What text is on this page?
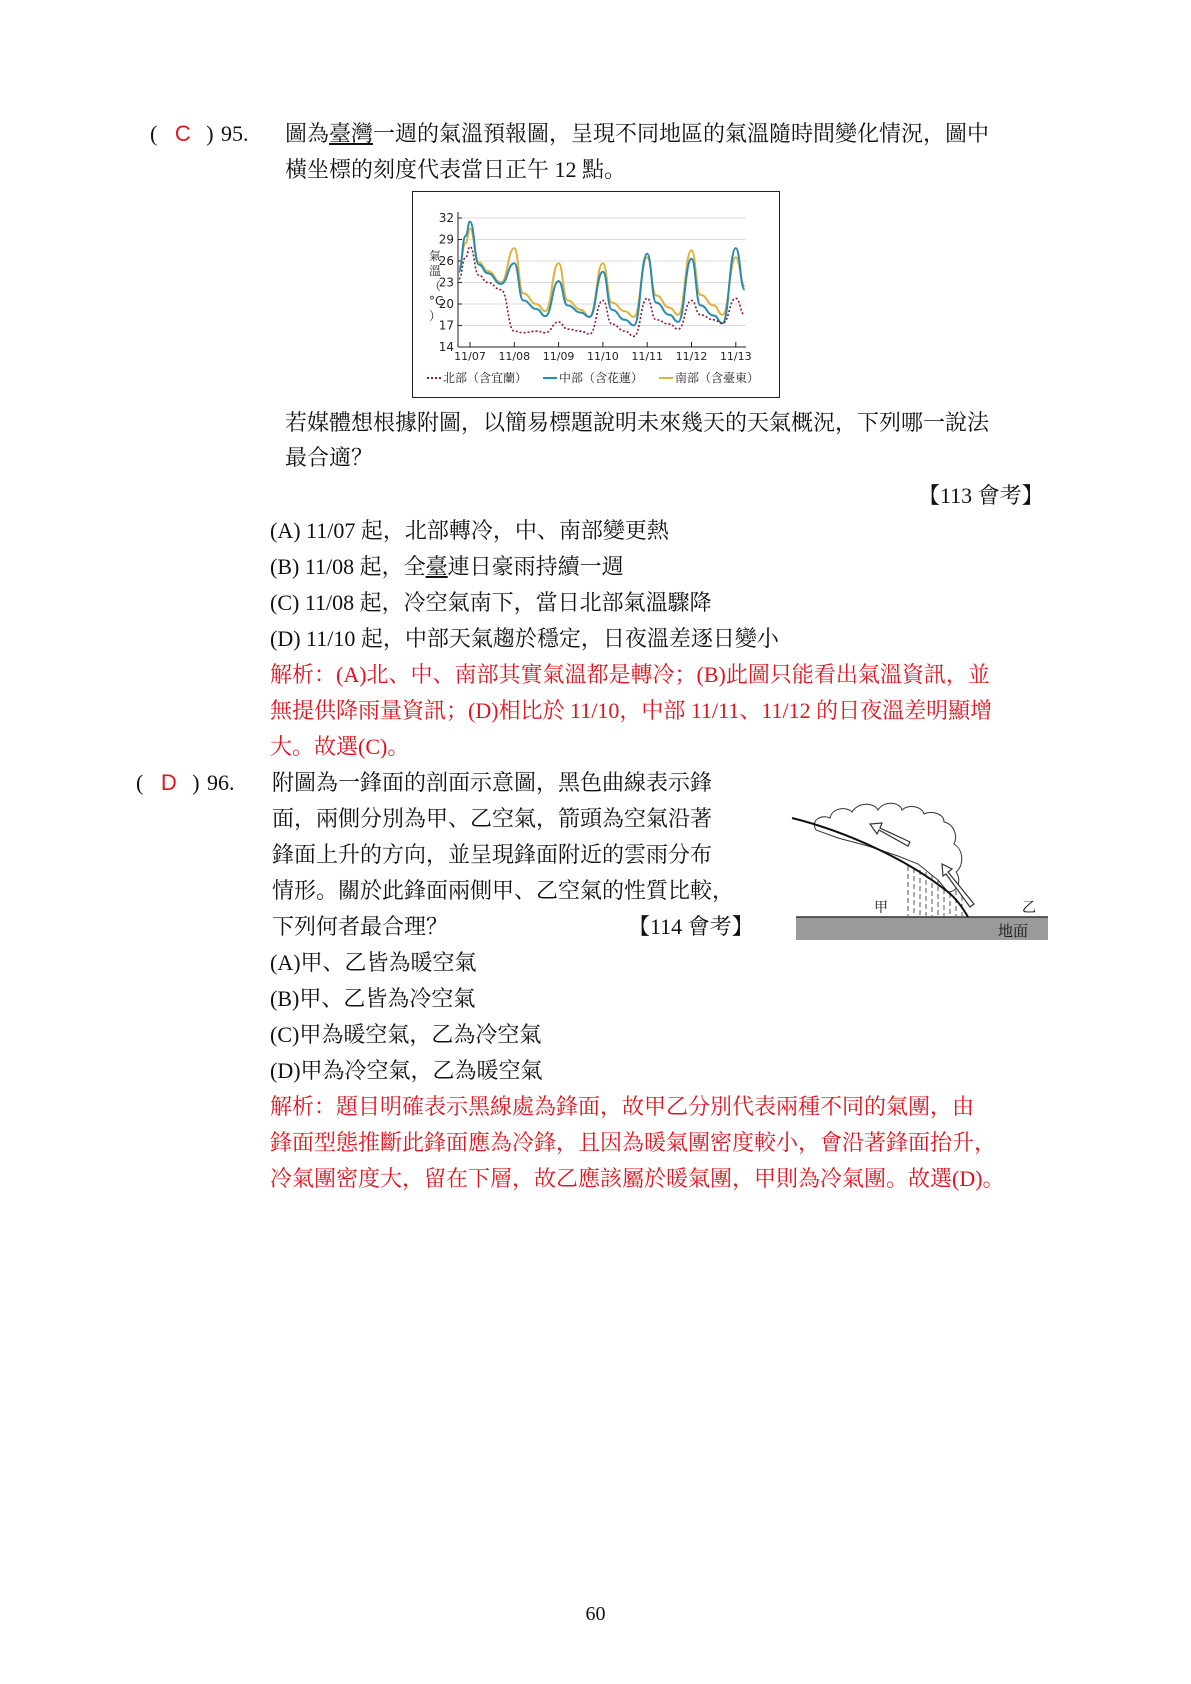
( C ) 95. 圖為臺灣一週的氣溫預報圖，呈現不同地區的氣溫隨時間變化情況，圖中
橫坐標的刻度代表當日正午 12 點。
14
17
20
23
26
29
32
11/07 11/08 11/09 11/10 11/11 11/12 11/13
氣溫（°C ）
北部（含宜蘭）	中部（含花蓮）	南部（含臺東）
若媒體想根據附圖，以簡易標題說明未來幾天的天氣概況，下列哪一說法
最合適？
【113 會考】
(A) 11/07 起，北部轉冷，中、南部變更熱
(B) 11/08 起，全臺連日豪雨持續一週
(C) 11/08 起，冷空氣南下，當日北部氣溫驟降
(D) 11/10 起，中部天氣趨於穩定，日夜溫差逐日變小
解析：(A)北、中、南部其實氣溫都是轉冷；(B)此圖只能看出氣溫資訊，並
無提供降雨量資訊；(D)相比於 11/10，中部 11/11、11/12 的日夜溫差明顯增
大。故選(C)。
( D ) 96. 附圖為一鋒面的剖面示意圖，黑色曲線表示鋒
面，兩側分別為甲、乙空氣，箭頭為空氣沿著
鋒面上升的方向，並呈現鋒面附近的雲雨分布
情形。關於此鋒面兩側甲、乙空氣的性質比較，
下列何者最合理？	【114 會考】
甲	乙
地面
(A)甲、乙皆為暖空氣
(B)甲、乙皆為冷空氣
(C)甲為暖空氣，乙為冷空氣
(D)甲為冷空氣，乙為暖空氣
解析：題目明確表示黑線處為鋒面，故甲乙分別代表兩種不同的氣團，由
鋒面型態推斷此鋒面應為冷鋒，且因為暖氣團密度較小，會沿著鋒面抬升，
冷氣團密度大，留在下層，故乙應該屬於暖氣團，甲則為冷氣團。故選(D)。
60
